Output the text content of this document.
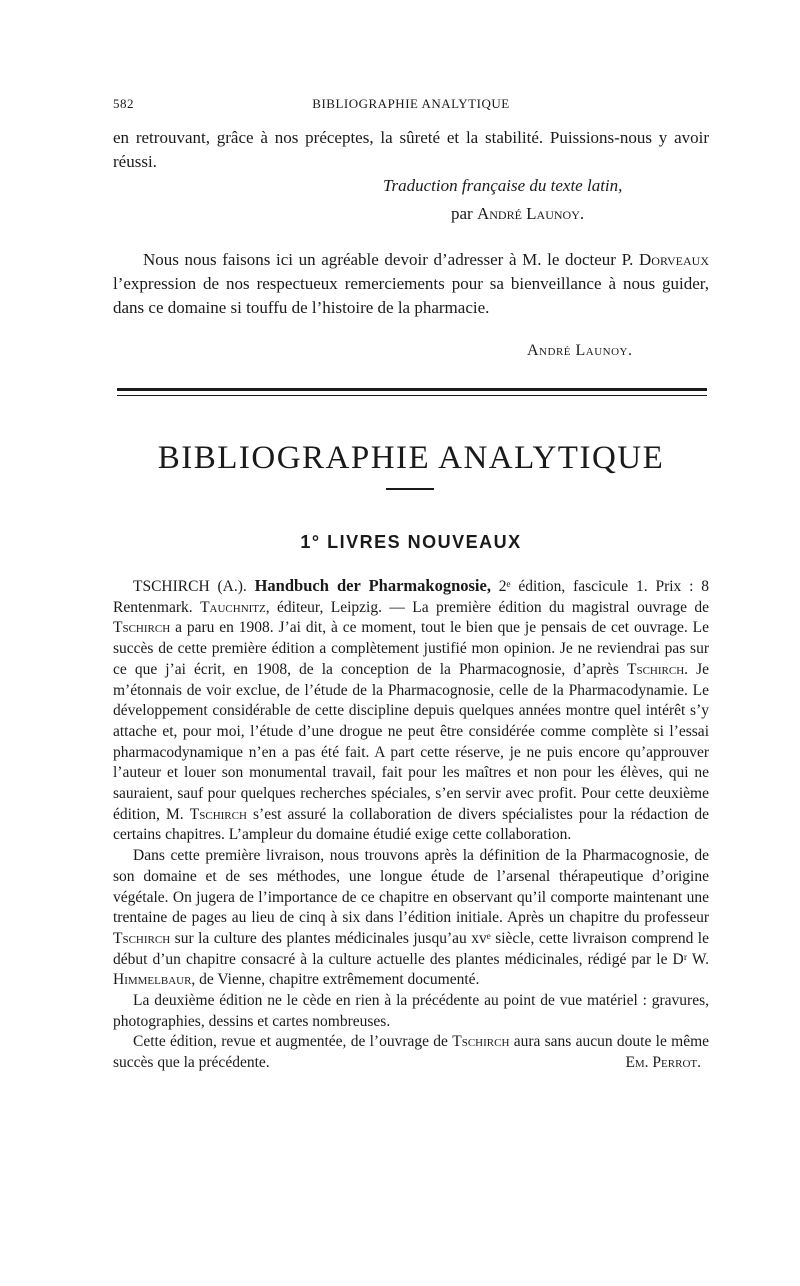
582	BIBLIOGRAPHIE ANALYTIQUE

en retrouvant, grâce à nos préceptes, la sûreté et la stabilité. Puissions-nous y avoir réussi.

Traduction française du texte latin,
par André Launoy.

Nous nous faisons ici un agréable devoir d’adresser à M. le docteur P. Dorveaux l’expression de nos respectueux remerciements pour sa bienveillance à nous guider, dans ce domaine si touffu de l’histoire de la pharmacie.

André Launoy.
BIBLIOGRAPHIE ANALYTIQUE
1° LIVRES NOUVEAUX

TSCHIRCH (A.). Handbuch der Pharmakognosie, 2ᵉ édition, fascicule 1. Prix : 8 Rentenmark. Tauchnitz, éditeur, Leipzig. — La première édition du magistral ouvrage de Tschirch a paru en 1908. J’ai dit, à ce moment, tout le bien que je pensais de cet ouvrage. Le succès de cette première édition a complètement justifié mon opinion. Je ne reviendrai pas sur ce que j’ai écrit, en 1908, de la conception de la Pharmacognosie, d’après Tschirch. Je m’étonnais de voir exclue, de l’étude de la Pharmacognosie, celle de la Pharmacodynamie. Le développement considérable de cette discipline depuis quelques années montre quel intérêt s’y attache et, pour moi, l’étude d’une drogue ne peut être considérée comme complète si l’essai pharmacodynamique n’en a pas été fait. A part cette réserve, je ne puis encore qu’approuver l’auteur et louer son monumental travail, fait pour les maîtres et non pour les élèves, qui ne sauraient, sauf pour quelques recherches spéciales, s’en servir avec profit. Pour cette deuxième édition, M. Tschirch s’est assuré la collaboration de divers spécialistes pour la rédaction de certains chapitres. L’ampleur du domaine étudié exige cette collaboration.

Dans cette première livraison, nous trouvons après la définition de la Pharmacognosie, de son domaine et de ses méthodes, une longue étude de l’arsenal thérapeutique d’origine végétale. On jugera de l’importance de ce chapitre en observant qu’il comporte maintenant une trentaine de pages au lieu de cinq à six dans l’édition initiale. Après un chapitre du professeur Tschirch sur la culture des plantes médicinales jusqu’au xvᵉ siècle, cette livraison comprend le début d’un chapitre consacré à la culture actuelle des plantes médicinales, rédigé par le Dʳ W. Himmelbaur, de Vienne, chapitre extrêmement documenté.

La deuxième édition ne le cède en rien à la précédente au point de vue matériel : gravures, photographies, dessins et cartes nombreuses.

Cette édition, revue et augmentée, de l’ouvrage de Tschirch aura sans aucun doute le même succès que la précédente.	Em. Perrot.
